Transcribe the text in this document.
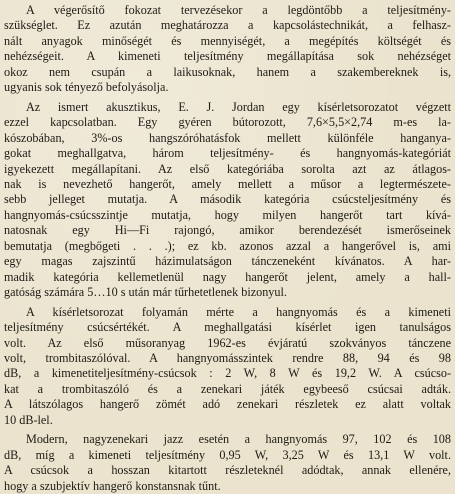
A végerősítő fokozat tervezésekor a legdöntőbb a teljesítmény-
szükséglet. Ez azután meghatározza a kapcsolástechnikát, a felhasz-
nált anyagok minőségét és mennyiségét, a megépítés költségét és
nehézségeit. A kimeneti teljesítmény megállapítása sok nehézséget
okoz nem csupán a laikusoknak, hanem a szakembereknek is,
ugyanis sok tényező befolyásolja.
Az ismert akusztikus, E. J. Jordan egy kísérletsorozatot végzett
ezzel kapcsolatban. Egy gyéren bútorozott, 7,6×5,5×2,74 m-es la-
kószobában, 3%-os hangszóróhatásfok mellett különféle hanganya-
gokat meghallgatva, három teljesítmény- és hangnyomás-kategóriát
igyekezett megállapítani. Az első kategóriába sorolta azt az átlagos-
nak is nevezhető hangerőt, amely mellett a műsor a legtermészete-
sebb jelleget mutatja. A második kategória csúcsteljesítmény és
hangnyomás-csúcsszintje mutatja, hogy milyen hangerőt tart kívá-
natosnak egy Hi—Fi rajongó, amikor berendezését ismerőseinek
bemutatja (megbőgeti . . .); ez kb. azonos azzal a hangerővel is, ami
egy magas zajszintű házimulatságon tánczeneként kívánatos. A har-
madik kategória kellemetlenül nagy hangerőt jelent, amely a hall-
gatóság számára 5…10 s után már tűrhetetlenek bizonyul.
A kísérletsorozat folyamán mérte a hangnyomás és a kimeneti
teljesítmény csúcsértékét. A meghallgatási kísérlet igen tanulságos
volt. Az első műsoranyag 1962-es évjáratú szokványos tánczene
volt, trombitaszólóval. A hangnyomásszintek rendre 88, 94 és 98
dB, a kimenetiteljesítmény-csúcsok : 2 W, 8 W és 19,2 W. A csúcso-
kat a trombitaszóló és a zenekari játék egybeeső csúcsai adták.
A látszólagos hangerő zömét adó zenekari részletek ez alatt voltak
10 dB-lel.
Modern, nagyzenekari jazz esetén a hangnyomás 97, 102 és 108
dB, míg a kimeneti teljesítmény 0,95 W, 3,25 W és 13,1 W volt.
A csúcsok a hosszan kitartott részleteknél adódtak, annak ellenére,
hogy a szubjektív hangerő konstansnak tűnt.
